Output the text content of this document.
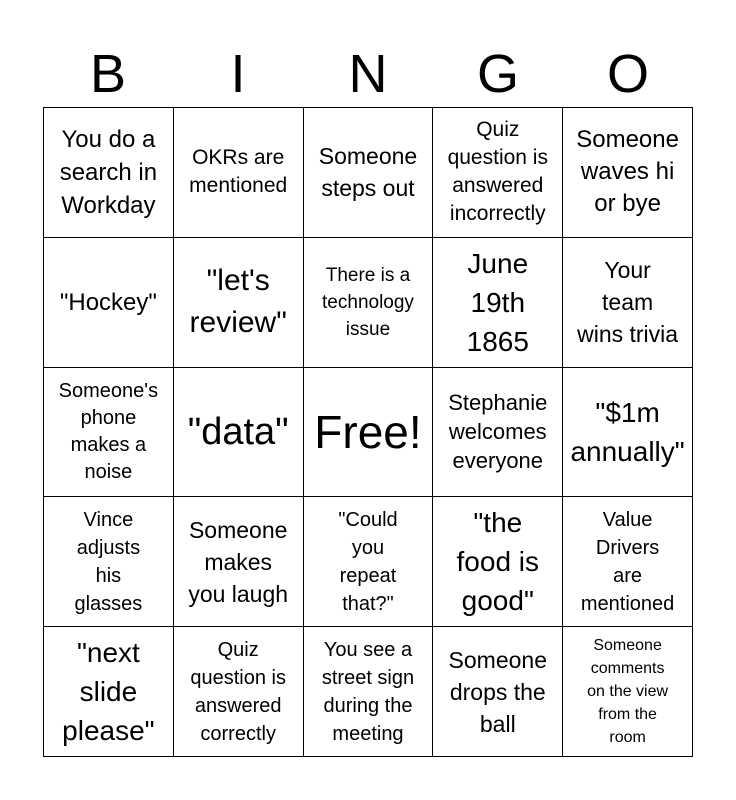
B	I	N	G	O
You do a
search in
Workday
OKRs are
mentioned
Someone
steps out
Quiz
question is
answered
incorrectly
Someone
waves hi
or bye
"Hockey"
"let's
review"
There is a
technology
issue
June
19th
1865
Your
team
wins trivia
Someone's
phone
makes a
noise
"data" Free!
Stephanie
welcomes
everyone
"$1m
annually"
Vince
adjusts
his
glasses
Someone
makes
you laugh
"Could
you
repeat
that?"
"the
food is
good"
Value
Drivers
are
mentioned
"next
slide
please"
Quiz
question is
answered
correctly
You see a
street sign
during the
meeting
Someone
drops the
ball
Someone
comments
on the view
from the
room
